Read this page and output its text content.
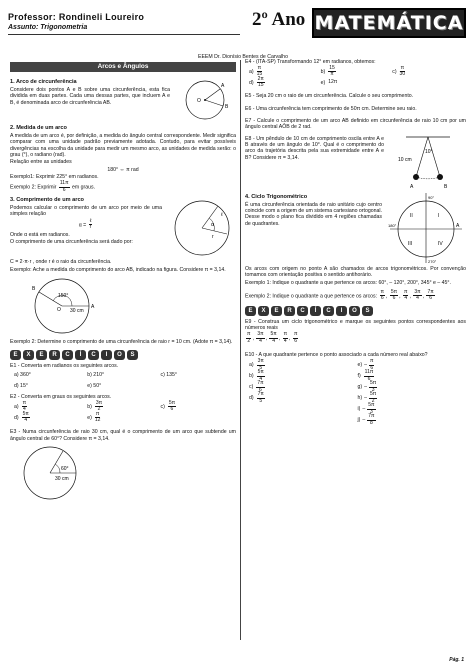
Professor: Rondineli Loureiro
Assunto: Trigonometria	2º Ano MATEMÁTICA
EEEM Dr. Dionísio Bentes de Carvalho
Arcos e Ângulos
1. Arco de circunferência

Considere dois pontos A e B sobre uma circunferência, esta fica dividida em duas partes. Cada uma dessas partes, que incluem A e B, é denominada arco de circunferência AB.	O
A
B
2. Medida de um arco

A medida de um arco é, por definição, a medida do ângulo central correspondente. Medir significa comparar com uma unidade padrão previamente adotada. Contudo, para evitar possíveis divergências na escolha da unidade para medir um mesmo arco, as unidades de medida serão: o grau (°), o radiano (rad).

Relação entre as unidades

180° ⇔ π rad

Exemplo1: Exprimir 225° em radianos.

Exemplo 2: Exprimir $\frac{11\pi}{6}$ em graus.

3. Comprimento de um arco

Podemos calcular o comprimento de um arco por meio de uma simples relação

$\alpha = \frac{\text{ℓ}}{r}$

Onde α está em radianos.

O comprimento de uma circunferência será dado por:

α
ℓ
r

C = 2·π·r , onde r é o raio da circunferência.

Exemplo: Ache a medida do comprimento do arco AB, indicado na figura. Considere π = 3,14.

150°
30 cm
B
A
O

Exemplo 2: Determine o comprimento de uma circunferência de raio r = 10 cm. (Adote π = 3,14).

E	X	E	R	C	Í	C	I	O	S

E1 - Converta em radianos os seguintes arcos.

a) 360°	b) 210°	c) 135°
d) 15°	e) 50°

E2 - Converta em graus os seguintes arcos.

$a) \frac{\pi}{4}$	$b) \frac{3\pi}{2}$	$c) \frac{5\pi}{6}$
$d) \frac{5\pi}{4}$	$e) \frac{\pi}{12}$

E3 - Numa circunferência de raio 30 cm, qual é o comprimento de um arco que subtende um ângulo central de 60°? Considere π = 3,14.

60°
30 cm

E4 - (ITA-SP) Transformando 12° em radianos, obtemos:

$a) \frac{\pi}{15}$	$b) \frac{15}{\pi}$	$c) \frac{\pi}{30}$
$d) \frac{2\pi}{15}$	e) 12π

E5 - Seja 20 cm o raio de um circunferência. Calcule o seu comprimento.

E6 - Uma circunferência tem comprimento de 50π cm. Determine seu raio.

E7 - Calcule o comprimento de um arco AB definido em circunferência de raio 10 cm por um ângulo central AÔB de 2 rad.

E8 - Um pêndulo de 10 cm de comprimento oscila entre A e B através de um ângulo de 10°. Qual é o comprimento do arco da trajetória descrita pela sua extremidade entre A e B? Considere π = 3,14.

A	B
10 cm
10°
4. Ciclo Trigonométrico

É uma circunferência orientada de raio unitário cujo centro coincide com a origem de um sistema cartesiano ortogonal. Desse modo o plano fica dividido em 4 regiões chamadas de quadrantes.

I
II
III	IV
A
90°
180°
270°

Os arcos com origem no ponto A são chamados de arcos trigonométricos. Por convenção tomamos com orientação positiva o sentido antihorário.

Exemplo 1: Indique o quadrante a que pertence os arcos: 60°, – 120°, 200°, 345° e – 45°.

Exemplo 2: Indique o quadrante a que pertence os arcos: $\frac{\pi}{6}$ , $\frac{5\pi}{6}$ , $\frac{\pi}{4}$ , $\frac{3\pi}{4}$ , $\frac{7\pi}{6}$

E	X	E	R	C	Í	C	I	O	S

E9 - Construa um ciclo trigonométrico e marque os seguintes pontos correspondentes aos números reais

$\frac{\pi}{2}$ , $\frac{3\pi}{4}$ , $\frac{5\pi}{4}$ , $\frac{\pi}{4}$ , $\frac{\pi}{6}$

E10 - A que quadrante pertence o ponto associado a cada número real abaixo?

$a) \frac{3\pi}{5}$	$e) - \frac{\pi}{6}$
$b) \frac{5\pi}{4}$	$f) \frac{11\pi}{6}$
$c) \frac{7\pi}{6}$	$g) - \frac{5\pi}{3}$
$d) \frac{7\pi}{5}$	$h) - \frac{5\pi}{2}$
$i) - \frac{5\pi}{3}$
$j) - \frac{7\pi}{8}$
Pág. 1
